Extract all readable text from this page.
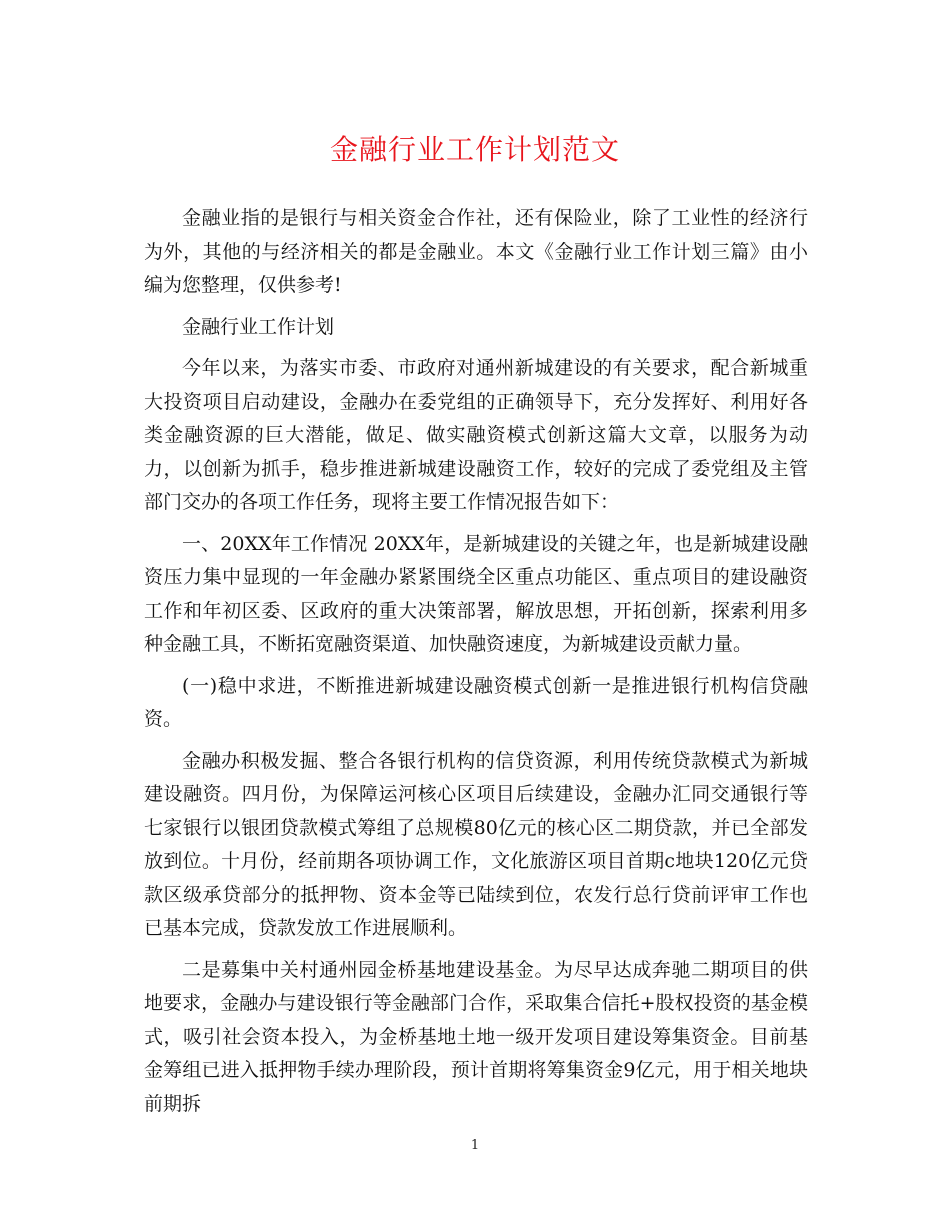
金融行业工作计划范文

金融业指的是银行与相关资金合作社，还有保险业，除了工业性的经济行为外，其他的与经济相关的都是金融业。本文《金融行业工作计划三篇》由小编为您整理，仅供参考!

金融行业工作计划

今年以来，为落实市委、市政府对通州新城建设的有关要求，配合新城重大投资项目启动建设，金融办在委党组的正确领导下，充分发挥好、利用好各类金融资源的巨大潜能，做足、做实融资模式创新这篇大文章，以服务为动力，以创新为抓手，稳步推进新城建设融资工作，较好的完成了委党组及主管部门交办的各项工作任务，现将主要工作情况报告如下：

一、20XX年工作情况 20XX年，是新城建设的关键之年，也是新城建设融资压力集中显现的一年金融办紧紧围绕全区重点功能区、重点项目的建设融资工作和年初区委、区政府的重大决策部署，解放思想，开拓创新，探索利用多种金融工具，不断拓宽融资渠道、加快融资速度，为新城建设贡献力量。

(一)稳中求进，不断推进新城建设融资模式创新一是推进银行机构信贷融资。

金融办积极发掘、整合各银行机构的信贷资源，利用传统贷款模式为新城建设融资。四月份，为保障运河核心区项目后续建设，金融办汇同交通银行等七家银行以银团贷款模式筹组了总规模80亿元的核心区二期贷款，并已全部发放到位。十月份，经前期各项协调工作，文化旅游区项目首期c地块120亿元贷款区级承贷部分的抵押物、资本金等已陆续到位，农发行总行贷前评审工作也已基本完成，贷款发放工作进展顺利。

二是募集中关村通州园金桥基地建设基金。为尽早达成奔驰二期项目的供地要求，金融办与建设银行等金融部门合作，采取集合信托+股权投资的基金模式，吸引社会资本投入，为金桥基地土地一级开发项目建设筹集资金。目前基金筹组已进入抵押物手续办理阶段，预计首期将筹集资金9亿元，用于相关地块前期拆

1
